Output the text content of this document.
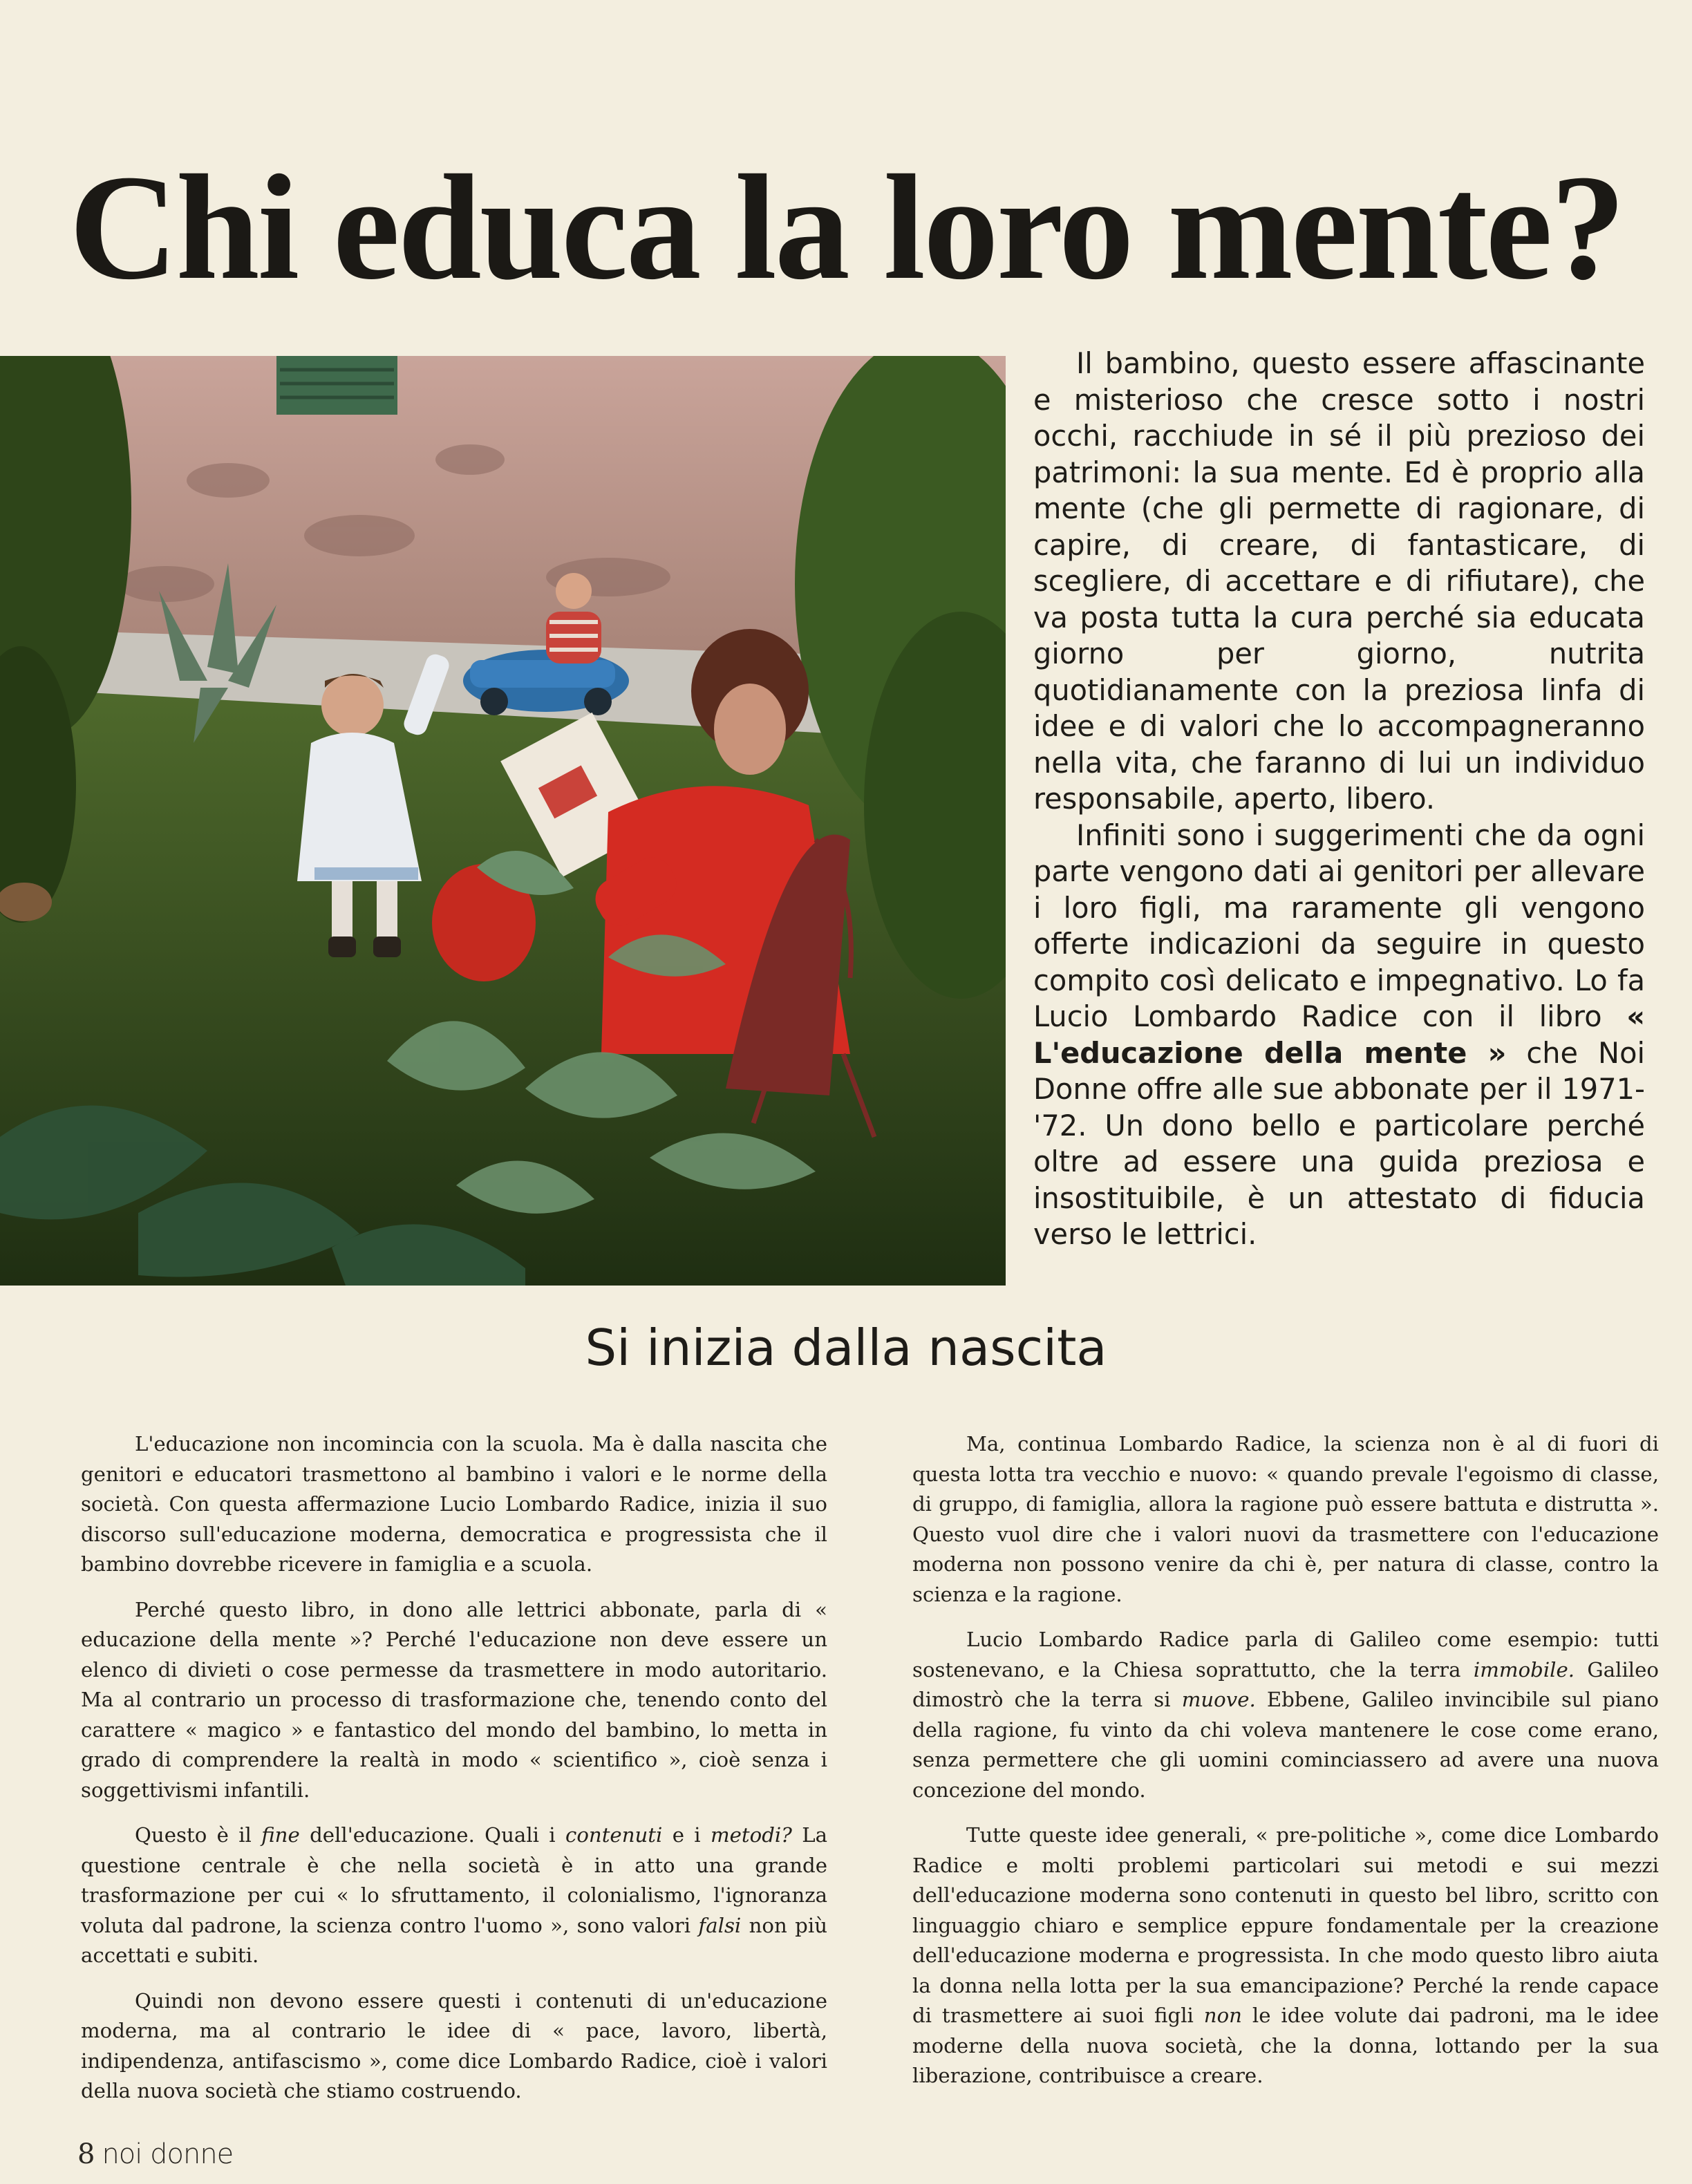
Chi educa la loro mente?

Il bambino, questo essere affascinante e misterioso che cresce sotto i nostri occhi, racchiude in sé il più prezioso dei patrimoni: la sua mente. Ed è proprio alla mente (che gli permette di ragionare, di capire, di creare, di fantasticare, di scegliere, di accettare e di rifiutare), che va posta tutta la cura perché sia educata giorno per giorno, nutrita quotidianamente con la preziosa linfa di idee e di valori che lo accompagneranno nella vita, che faranno di lui un individuo responsabile, aperto, libero.

Infiniti sono i suggerimenti che da ogni parte vengono dati ai genitori per allevare i loro figli, ma raramente gli vengono offerte indicazioni da seguire in questo compito così delicato e impegnativo. Lo fa Lucio Lombardo Radice con il libro « L'educazione della mente » che Noi Donne offre alle sue abbonate per il 1971-'72. Un dono bello e particolare perché oltre ad essere una guida preziosa e insostituibile, è un attestato di fiducia verso le lettrici.

Si inizia dalla nascita

L'educazione non incomincia con la scuola. Ma è dalla nascita che genitori e educatori trasmettono al bambino i valori e le norme della società. Con questa affermazione Lucio Lombardo Radice, inizia il suo discorso sull'educazione moderna, democratica e progressista che il bambino dovrebbe ricevere in famiglia e a scuola.

Perché questo libro, in dono alle lettrici abbonate, parla di « educazione della mente »? Perché l'educazione non deve essere un elenco di divieti o cose permesse da trasmettere in modo autoritario. Ma al contrario un processo di trasformazione che, tenendo conto del carattere « magico » e fantastico del mondo del bambino, lo metta in grado di comprendere la realtà in modo « scientifico », cioè senza i soggettivismi infantili.

Questo è il fine dell'educazione. Quali i contenuti e i metodi? La questione centrale è che nella società è in atto una grande trasformazione per cui « lo sfruttamento, il colonialismo, l'ignoranza voluta dal padrone, la scienza contro l'uomo », sono valori falsi non più accettati e subiti.

Quindi non devono essere questi i contenuti di un'educazione moderna, ma al contrario le idee di « pace, lavoro, libertà, indipendenza, antifascismo », come dice Lombardo Radice, cioè i valori della nuova società che stiamo costruendo.

Ma, continua Lombardo Radice, la scienza non è al di fuori di questa lotta tra vecchio e nuovo: « quando prevale l'egoismo di classe, di gruppo, di famiglia, allora la ragione può essere battuta e distrutta ». Questo vuol dire che i valori nuovi da trasmettere con l'educazione moderna non possono venire da chi è, per natura di classe, contro la scienza e la ragione.

Lucio Lombardo Radice parla di Galileo come esempio: tutti sostenevano, e la Chiesa soprattutto, che la terra immobile. Galileo dimostrò che la terra si muove. Ebbene, Galileo invincibile sul piano della ragione, fu vinto da chi voleva mantenere le cose come erano, senza permettere che gli uomini cominciassero ad avere una nuova concezione del mondo.

Tutte queste idee generali, « pre-politiche », come dice Lombardo Radice e molti problemi particolari sui metodi e sui mezzi dell'educazione moderna sono contenuti in questo bel libro, scritto con linguaggio chiaro e semplice eppure fondamentale per la creazione dell'educazione moderna e progressista. In che modo questo libro aiuta la donna nella lotta per la sua emancipazione? Perché la rende capace di trasmettere ai suoi figli non le idee volute dai padroni, ma le idee moderne della nuova società, che la donna, lottando per la sua liberazione, contribuisce a creare.

8 noi donne
